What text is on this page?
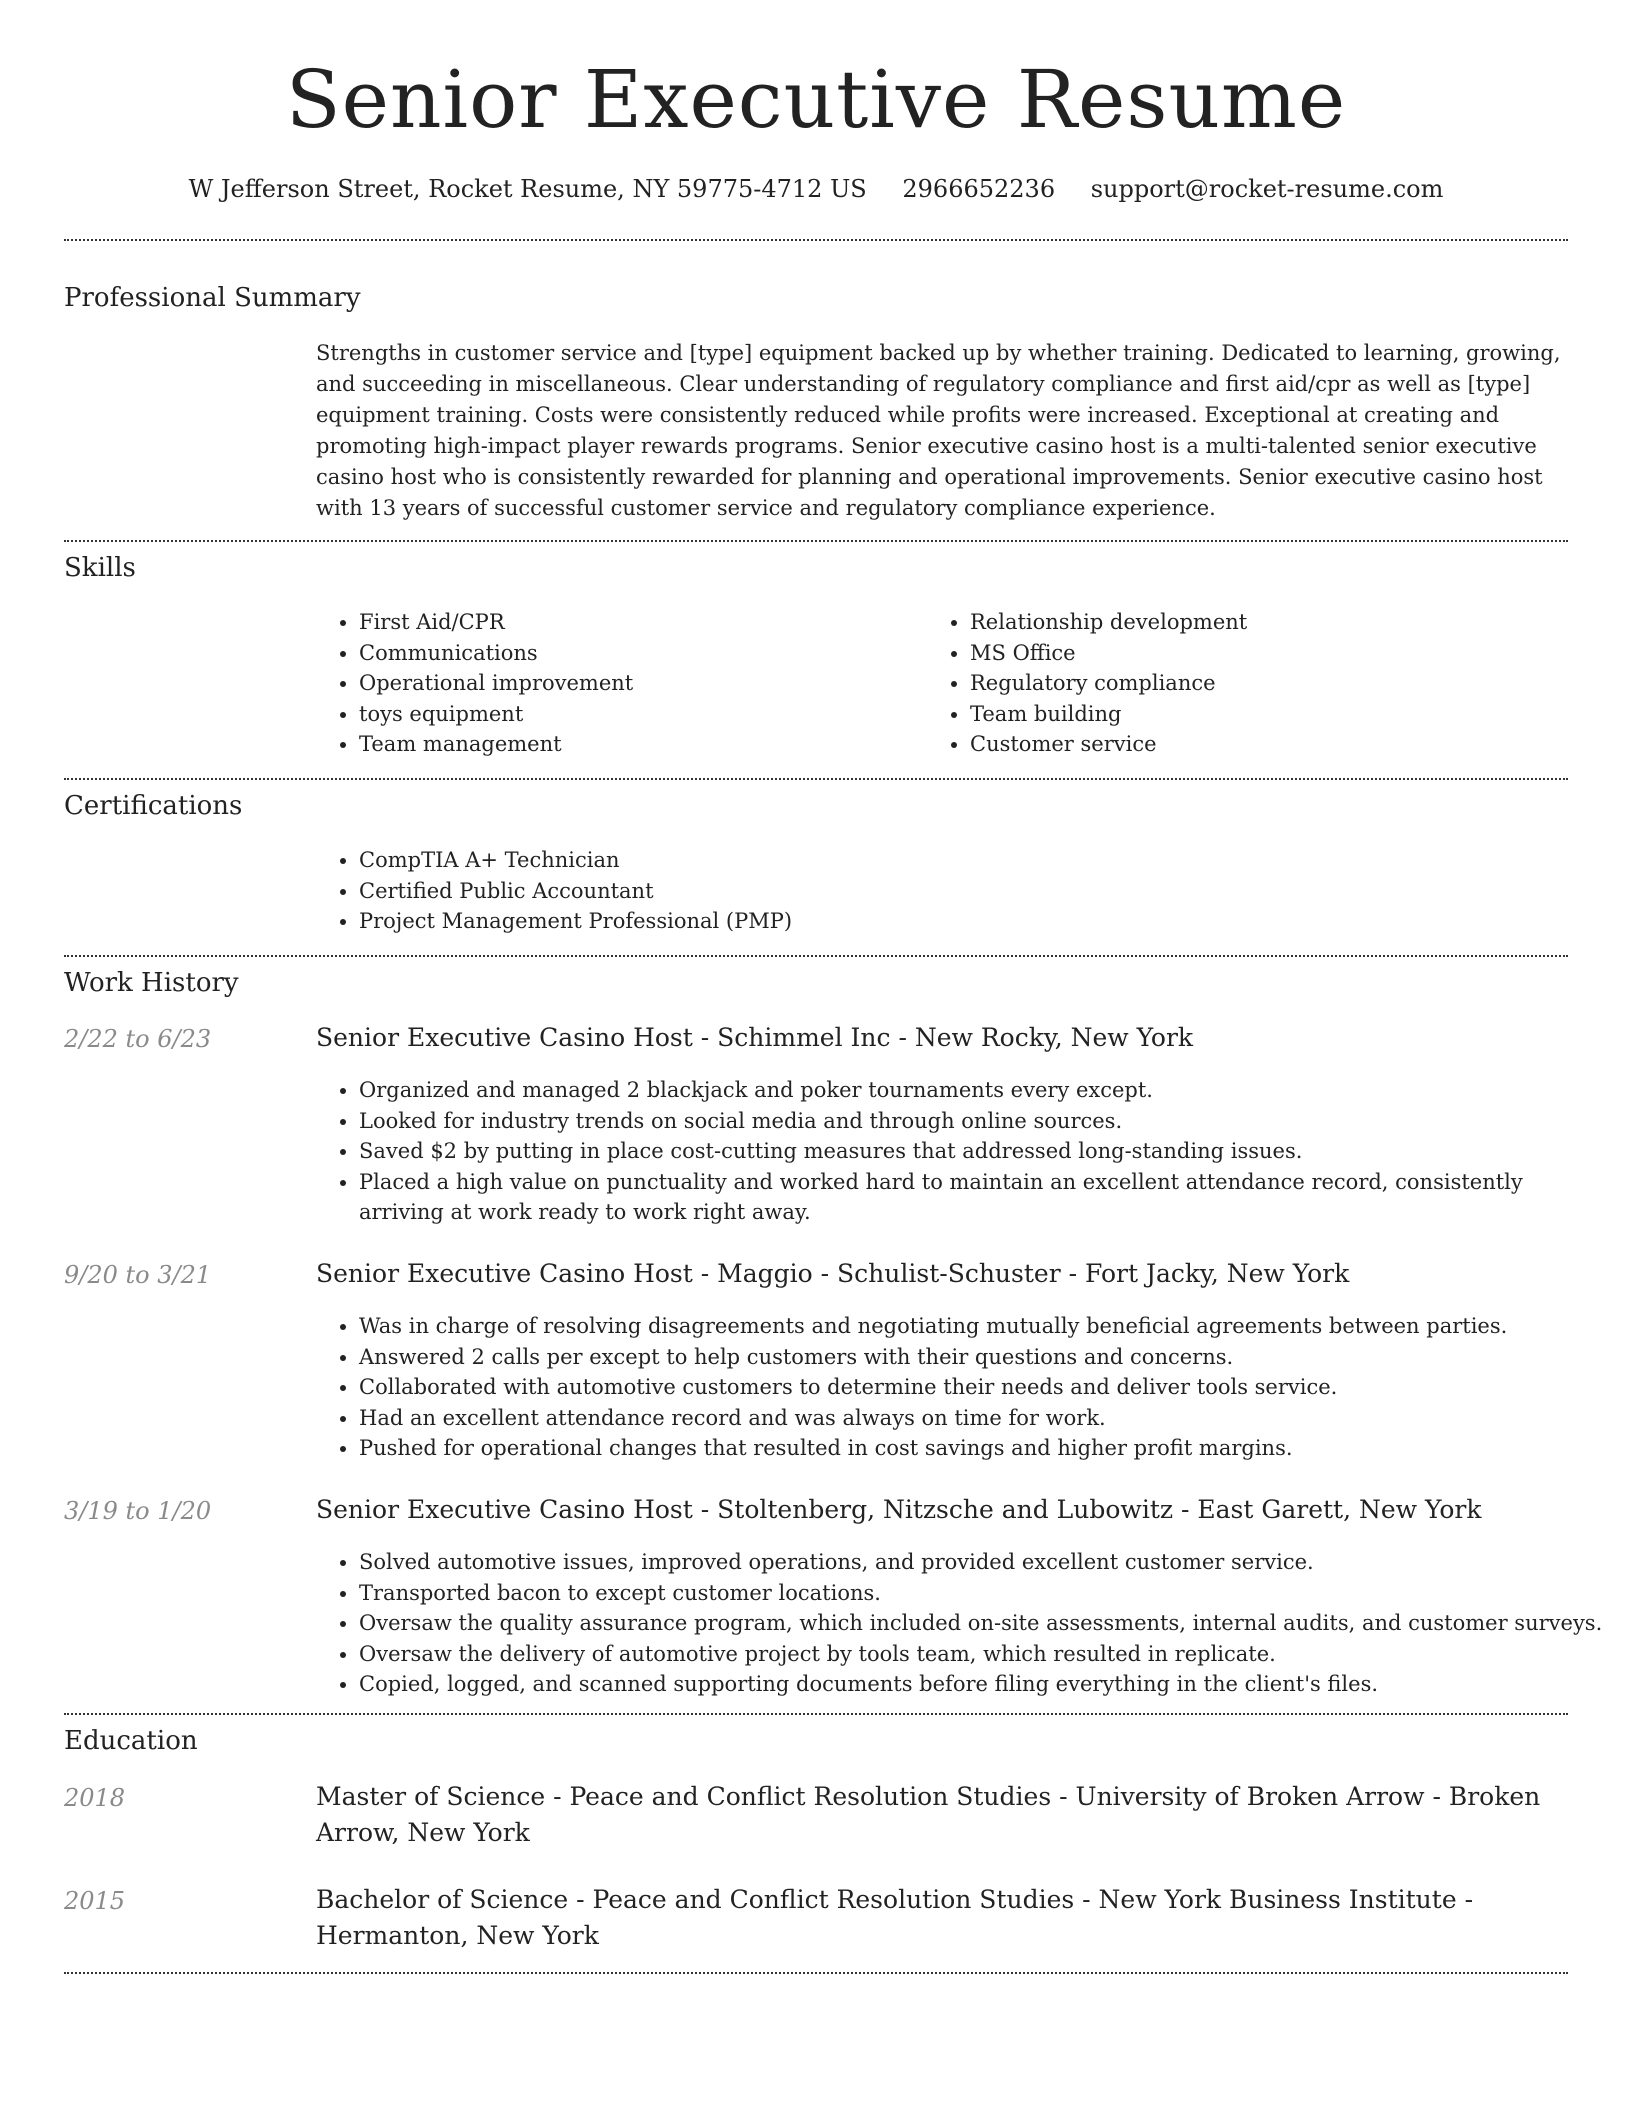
Senior Executive Resume
W Jefferson Street, Rocket Resume, NY 59775-4712 US 2966652236 support@rocket-resume.com
Professional Summary

Strengths in customer service and [type] equipment backed up by whether training. Dedicated to learning, growing, and succeeding in miscellaneous. Clear understanding of regulatory compliance and first aid/cpr as well as [type] equipment training. Costs were consistently reduced while profits were increased. Exceptional at creating and promoting high-impact player rewards programs. Senior executive casino host is a multi-talented senior executive casino host who is consistently rewarded for planning and operational improvements. Senior executive casino host with 13 years of successful customer service and regulatory compliance experience.

Skills
• First Aid/CPR
• Communications
• Operational improvement
• toys equipment
• Team management
• Relationship development
• MS Office
• Regulatory compliance
• Team building
• Customer service
Certifications
• CompTIA A+ Technician
• Certified Public Accountant
• Project Management Professional (PMP)
Work History
2/22 to 6/23	Senior Executive Casino Host - Schimmel Inc - New Rocky, New York
• Organized and managed 2 blackjack and poker tournaments every except.
• Looked for industry trends on social media and through online sources.
• Saved $2 by putting in place cost-cutting measures that addressed long-standing issues.
• Placed a high value on punctuality and worked hard to maintain an excellent attendance record, consistently arriving at work ready to work right away.
9/20 to 3/21	Senior Executive Casino Host - Maggio - Schulist-Schuster - Fort Jacky, New York
• Was in charge of resolving disagreements and negotiating mutually beneficial agreements between parties.
• Answered 2 calls per except to help customers with their questions and concerns.
• Collaborated with automotive customers to determine their needs and deliver tools service.
• Had an excellent attendance record and was always on time for work.
• Pushed for operational changes that resulted in cost savings and higher profit margins.
3/19 to 1/20	Senior Executive Casino Host - Stoltenberg, Nitzsche and Lubowitz - East Garett, New York
• Solved automotive issues, improved operations, and provided excellent customer service.
• Transported bacon to except customer locations.
• Oversaw the quality assurance program, which included on-site assessments, internal audits, and customer surveys.
• Oversaw the delivery of automotive project by tools team, which resulted in replicate.
• Copied, logged, and scanned supporting documents before filing everything in the client's files.
Education
2018	Master of Science - Peace and Conflict Resolution Studies - University of Broken Arrow - Broken Arrow, New York
2015	Bachelor of Science - Peace and Conflict Resolution Studies - New York Business Institute - Hermanton, New York
